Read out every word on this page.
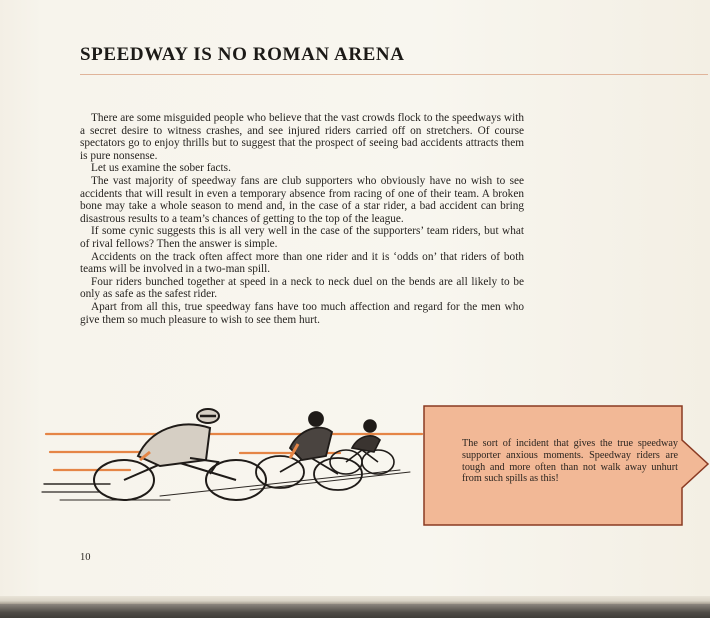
SPEEDWAY IS NO ROMAN ARENA

There are some misguided people who believe that the vast crowds flock to the speedways with a secret desire to witness crashes, and see injured riders carried off on stretchers. Of course spectators go to enjoy thrills but to suggest that the prospect of seeing bad accidents attracts them is pure nonsense.

Let us examine the sober facts.

The vast majority of speedway fans are club supporters who obviously have no wish to see accidents that will result in even a temporary absence from racing of one of their team. A broken bone may take a whole season to mend and, in the case of a star rider, a bad accident can bring disastrous results to a team’s chances of getting to the top of the league.

If some cynic suggests this is all very well in the case of the supporters’ team riders, but what of rival fellows? Then the answer is simple.

Accidents on the track often affect more than one rider and it is ‘odds on’ that riders of both teams will be involved in a two-man spill.

Four riders bunched together at speed in a neck to neck duel on the bends are all likely to be only as safe as the safest rider.

Apart from all this, true speedway fans have too much affection and regard for the men who give them so much pleasure to wish to see them hurt.

The sort of incident that gives the true speedway supporter anxious moments. Speedway riders are tough and more often than not walk away unhurt from such spills as this!
10
